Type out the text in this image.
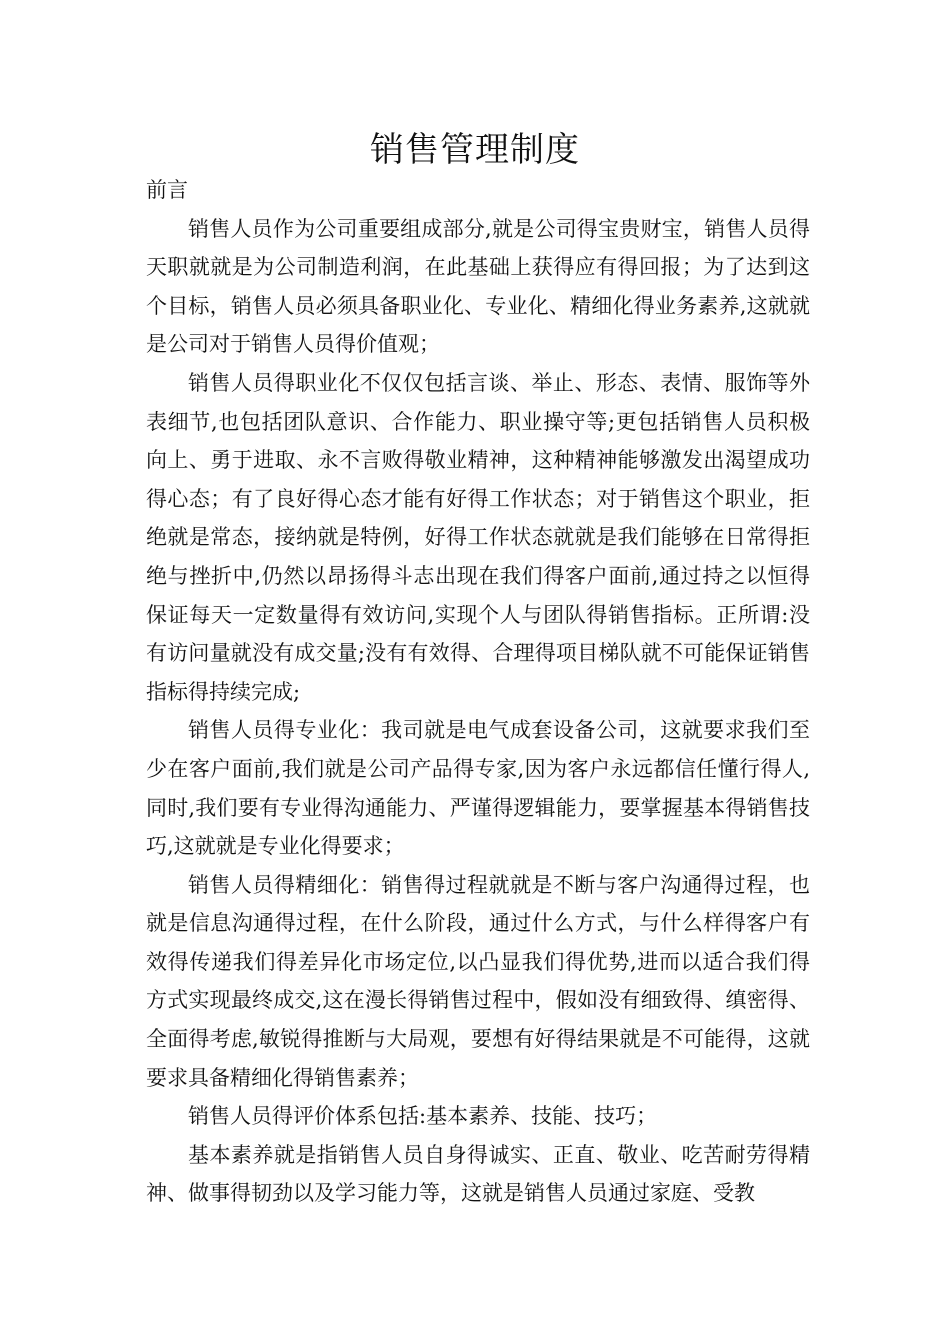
销售管理制度

前言

销售人员作为公司重要组成部分,就是公司得宝贵财宝，销售人员得天职就就是为公司制造利润，在此基础上获得应有得回报；为了达到这个目标，销售人员必须具备职业化、专业化、精细化得业务素养,这就就是公司对于销售人员得价值观；

销售人员得职业化不仅仅包括言谈、举止、形态、表情、服饰等外表细节,也包括团队意识、合作能力、职业操守等;更包括销售人员积极向上、勇于进取、永不言败得敬业精神，这种精神能够激发出渴望成功得心态；有了良好得心态才能有好得工作状态；对于销售这个职业，拒绝就是常态，接纳就是特例，好得工作状态就就是我们能够在日常得拒绝与挫折中,仍然以昂扬得斗志出现在我们得客户面前,通过持之以恒得保证每天一定数量得有效访问,实现个人与团队得销售指标。正所谓:没有访问量就没有成交量;没有有效得、合理得项目梯队就不可能保证销售指标得持续完成;

销售人员得专业化：我司就是电气成套设备公司，这就要求我们至少在客户面前,我们就是公司产品得专家,因为客户永远都信任懂行得人,同时,我们要有专业得沟通能力、严谨得逻辑能力，要掌握基本得销售技巧,这就就是专业化得要求；

销售人员得精细化：销售得过程就就是不断与客户沟通得过程，也就是信息沟通得过程，在什么阶段，通过什么方式，与什么样得客户有效得传递我们得差异化市场定位,以凸显我们得优势,进而以适合我们得方式实现最终成交,这在漫长得销售过程中，假如没有细致得、缜密得、全面得考虑,敏锐得推断与大局观，要想有好得结果就是不可能得，这就要求具备精细化得销售素养；

销售人员得评价体系包括:基本素养、技能、技巧；

基本素养就是指销售人员自身得诚实、正直、敬业、吃苦耐劳得精神、做事得韧劲以及学习能力等，这就是销售人员通过家庭、受教
